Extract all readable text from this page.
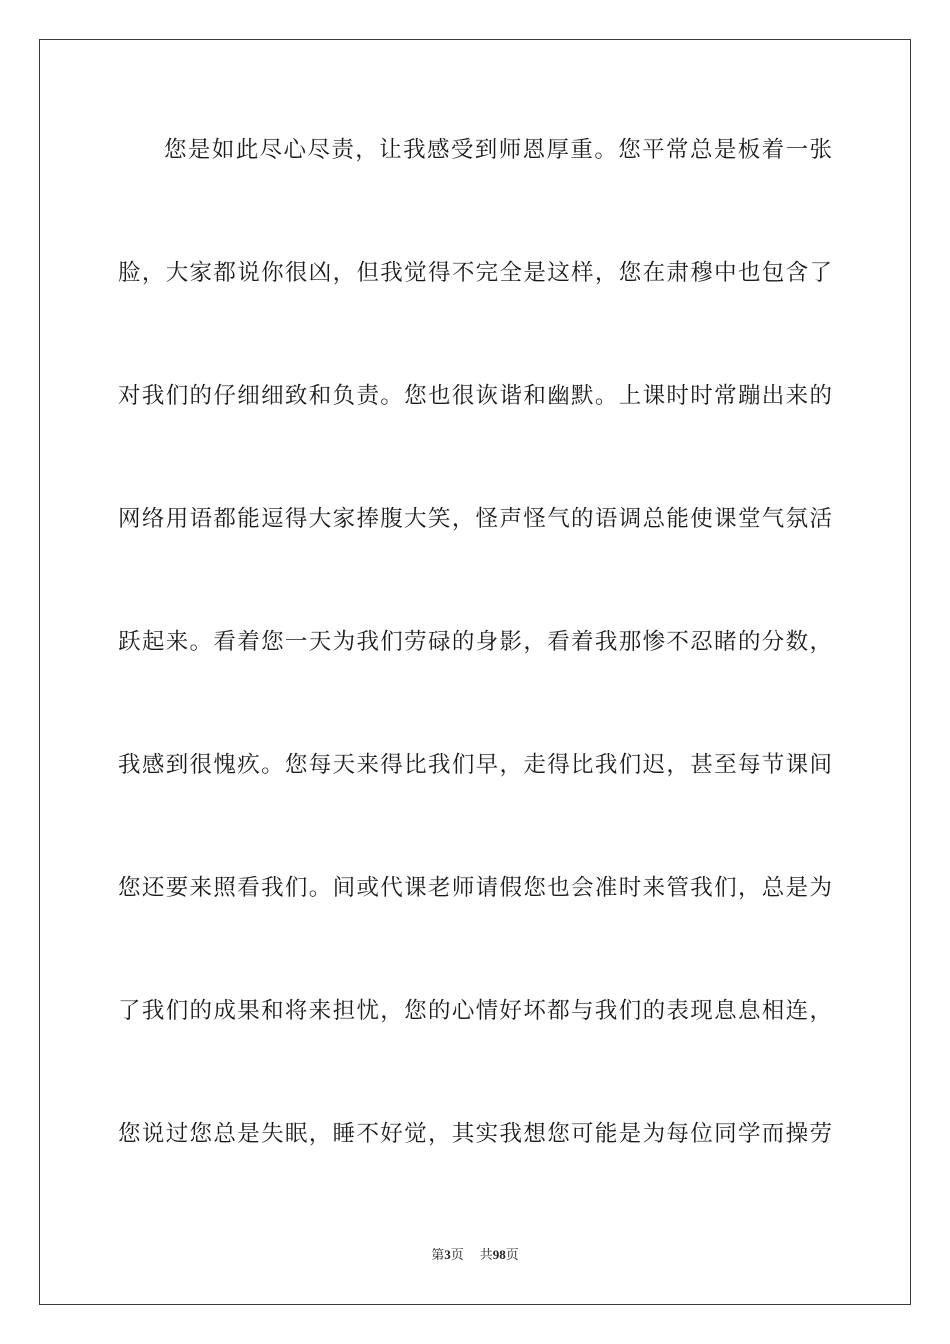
您是如此尽心尽责，让我感受到师恩厚重。您平常总是板着一张
脸，大家都说你很凶，但我觉得不完全是这样，您在肃穆中也包含了
对我们的仔细细致和负责。您也很诙谐和幽默。上课时时常蹦出来的
网络用语都能逗得大家捧腹大笑，怪声怪气的语调总能使课堂气氛活
跃起来。看着您一天为我们劳碌的身影，看着我那惨不忍睹的分数，
我感到很愧疚。您每天来得比我们早，走得比我们迟，甚至每节课间
您还要来照看我们。间或代课老师请假您也会准时来管我们，总是为
了我们的成果和将来担忧，您的心情好坏都与我们的表现息息相连，
您说过您总是失眠，睡不好觉，其实我想您可能是为每位同学而操劳
第3页 共98页
